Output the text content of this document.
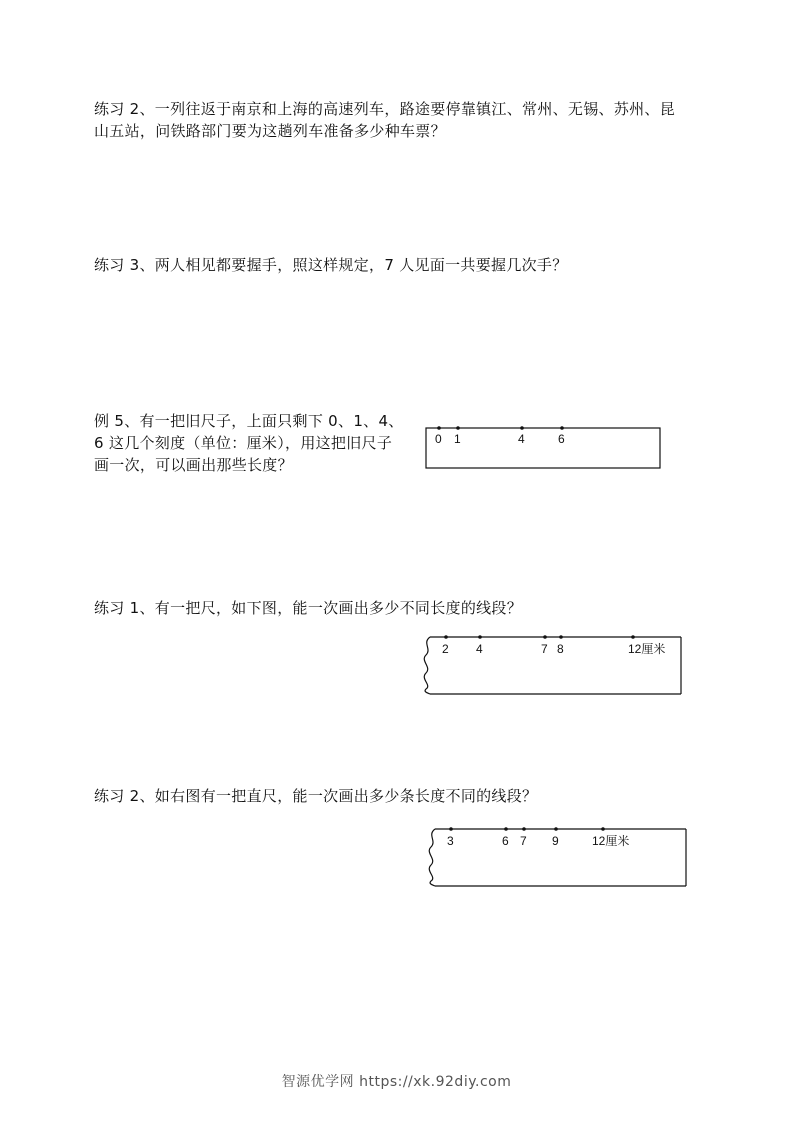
练习 2、一列往返于南京和上海的高速列车，路途要停靠镇江、常州、无锡、苏州、昆
山五站，问铁路部门要为这趟列车准备多少种车票？
练习 3、两人相见都要握手，照这样规定，7 人见面一共要握几次手？
例 5、有一把旧尺子，上面只剩下 0、1、4、
6 这几个刻度（单位：厘米），用这把旧尺子
画一次，可以画出那些长度？
0 1	4	6
练习 1、有一把尺，如下图，能一次画出多少不同长度的线段？
2 4	7 8	12厘米
练习 2、如右图有一把直尺，能一次画出多少条长度不同的线段？
3	6 7 9	12厘米
智源优学网 https://xk.92diy.com
